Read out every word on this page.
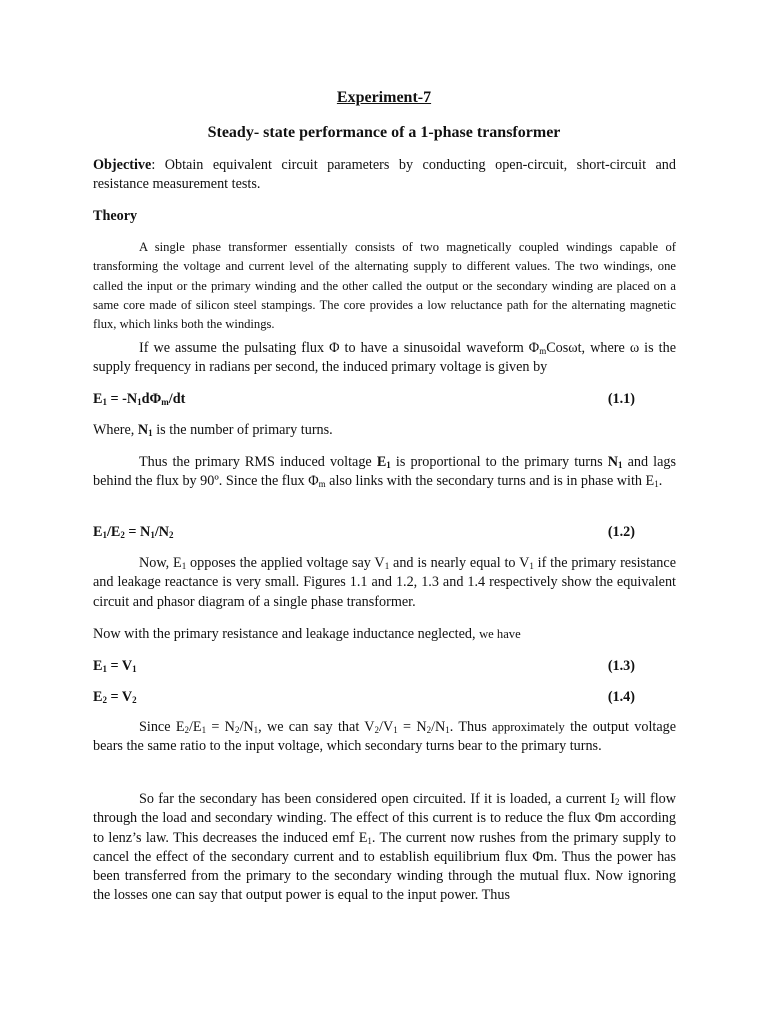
Experiment-7
Steady- state performance of a 1-phase transformer

Objective: Obtain equivalent circuit parameters by conducting open-circuit, short-circuit and resistance measurement tests.

Theory

A single phase transformer essentially consists of two magnetically coupled windings capable of transforming the voltage and current level of the alternating supply to different values. The two windings, one called the input or the primary winding and the other called the output or the secondary winding are placed on a same core made of silicon steel stampings. The core provides a low reluctance path for the alternating magnetic flux, which links both the windings.

If we assume the pulsating flux Φ to have a sinusoidal waveform $\Phi_mCos\omega t$, where ω is the supply frequency in radians per second, the induced primary voltage is given by

$E_1 = -N_1d\Phi_m/dt$	(1.1)

Where, $N_1$ is the number of primary turns.

Thus the primary RMS induced voltage $E_1$ is proportional to the primary turns $N_1$ and lags behind the flux by 90º. Since the flux $\Phi_m$ also links with the secondary turns and is in phase with $E_1$.

$E_1/E_2 = N_1/N_2$	(1.2)

Now, $E_1$ opposes the applied voltage say $V_1$ and is nearly equal to $V_1$ if the primary resistance and leakage reactance is very small. Figures 1.1 and 1.2, 1.3 and 1.4 respectively show the equivalent circuit and phasor diagram of a single phase transformer.

Now with the primary resistance and leakage inductance neglected, we have

$E_1 = V_1$	(1.3)
$E_2 = V_2$	(1.4)

Since $E_2/E_1 = N_2/N_1$, we can say that $V_2/V_1 = N_2/N_1$. Thus approximately the output voltage bears the same ratio to the input voltage, which secondary turns bear to the primary turns.

So far the secondary has been considered open circuited. If it is loaded, a current $I_2$ will flow through the load and secondary winding. The effect of this current is to reduce the flux Φm according to lenz’s law. This decreases the induced emf $E_1$. The current now rushes from the primary supply to cancel the effect of the secondary current and to establish equilibrium flux Φm. Thus the power has been transferred from the primary to the secondary winding through the mutual flux. Now ignoring the losses one can say that output power is equal to the input power. Thus
